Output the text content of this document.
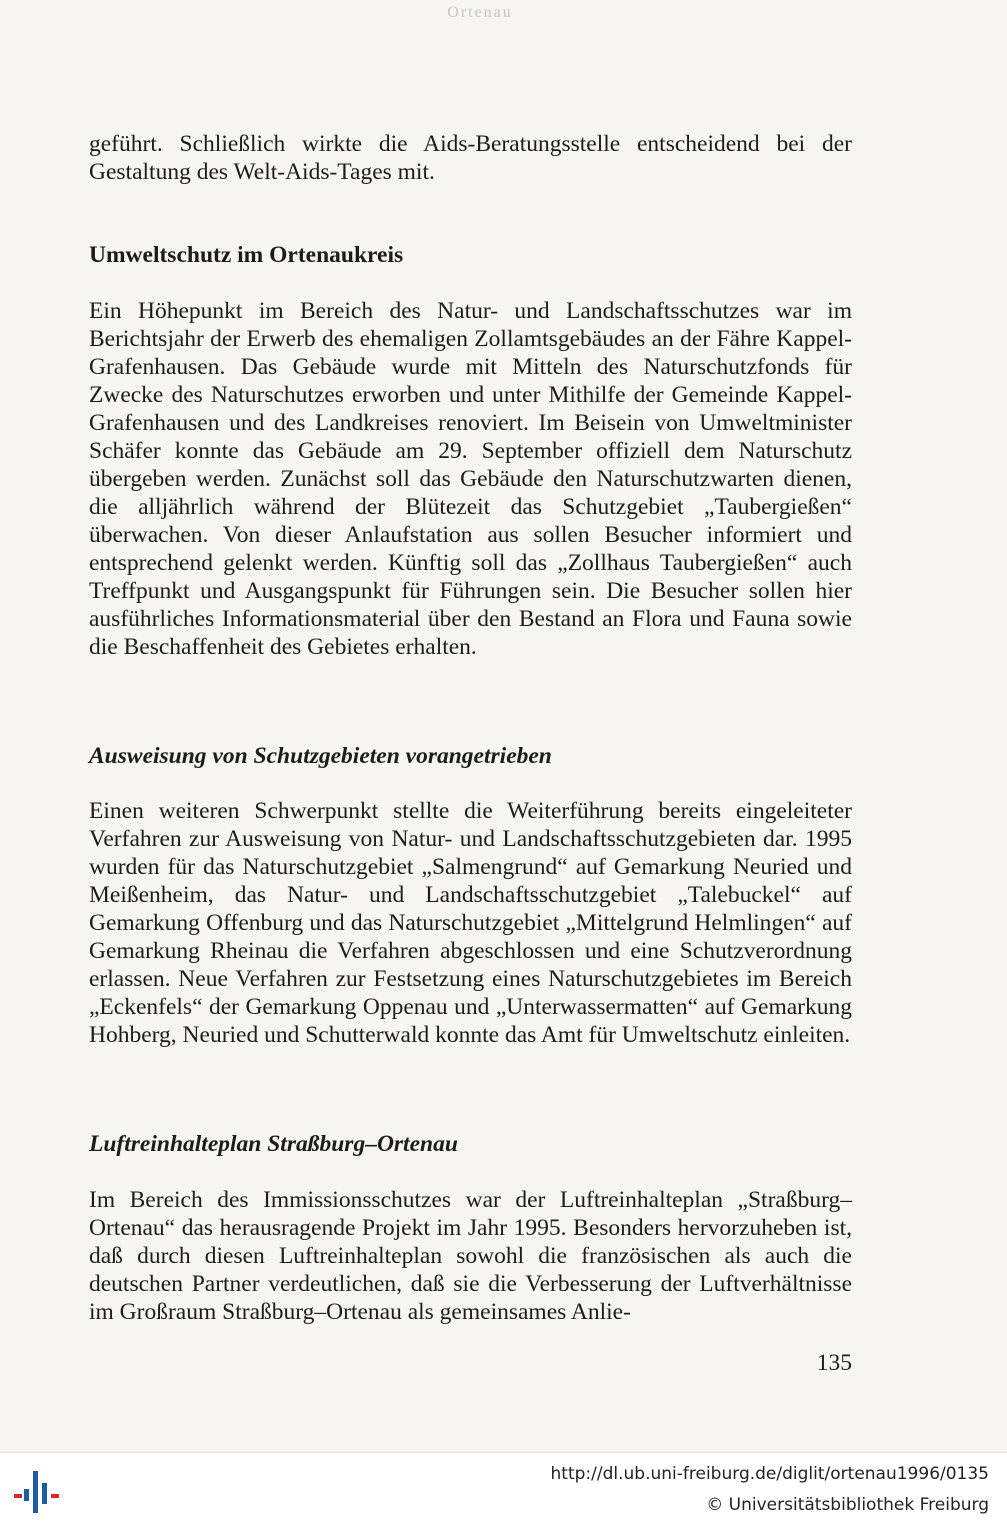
Ortenau

geführt. Schließlich wirkte die Aids-Beratungsstelle entscheidend bei der Gestaltung des Welt-Aids-Tages mit.

Umweltschutz im Ortenaukreis

Ein Höhepunkt im Bereich des Natur- und Landschaftsschutzes war im Berichtsjahr der Erwerb des ehemaligen Zollamtsgebäudes an der Fähre Kappel-Grafenhausen. Das Gebäude wurde mit Mitteln des Naturschutzfonds für Zwecke des Naturschutzes erworben und unter Mithilfe der Gemeinde Kappel-Grafenhausen und des Landkreises renoviert. Im Beisein von Umweltminister Schäfer konnte das Gebäude am 29. September offiziell dem Naturschutz übergeben werden. Zunächst soll das Gebäude den Naturschutzwarten dienen, die alljährlich während der Blütezeit das Schutzgebiet „Taubergießen“ überwachen. Von dieser Anlaufstation aus sollen Besucher informiert und entsprechend gelenkt werden. Künftig soll das „Zollhaus Taubergießen“ auch Treffpunkt und Ausgangspunkt für Führungen sein. Die Besucher sollen hier ausführliches Informationsmaterial über den Bestand an Flora und Fauna sowie die Beschaffenheit des Gebietes erhalten.

Ausweisung von Schutzgebieten vorangetrieben

Einen weiteren Schwerpunkt stellte die Weiterführung bereits eingeleiteter Verfahren zur Ausweisung von Natur- und Landschaftsschutzgebieten dar. 1995 wurden für das Naturschutzgebiet „Salmengrund“ auf Gemarkung Neuried und Meißenheim, das Natur- und Landschaftsschutzgebiet „Talebuckel“ auf Gemarkung Offenburg und das Naturschutzgebiet „Mittelgrund Helmlingen“ auf Gemarkung Rheinau die Verfahren abgeschlossen und eine Schutzverordnung erlassen. Neue Verfahren zur Festsetzung eines Naturschutzgebietes im Bereich „Eckenfels“ der Gemarkung Oppenau und „Unterwassermatten“ auf Gemarkung Hohberg, Neuried und Schutterwald konnte das Amt für Umweltschutz einleiten.

Luftreinhalteplan Straßburg–Ortenau

Im Bereich des Immissionsschutzes war der Luftreinhalteplan „Straßburg–Ortenau“ das herausragende Projekt im Jahr 1995. Besonders hervorzuheben ist, daß durch diesen Luftreinhalteplan sowohl die französischen als auch die deutschen Partner verdeutlichen, daß sie die Verbesserung der Luftverhältnisse im Großraum Straßburg–Ortenau als gemeinsames Anlie-

135

http://dl.ub.uni-freiburg.de/diglit/ortenau1996/0135

© Universitätsbibliothek Freiburg
